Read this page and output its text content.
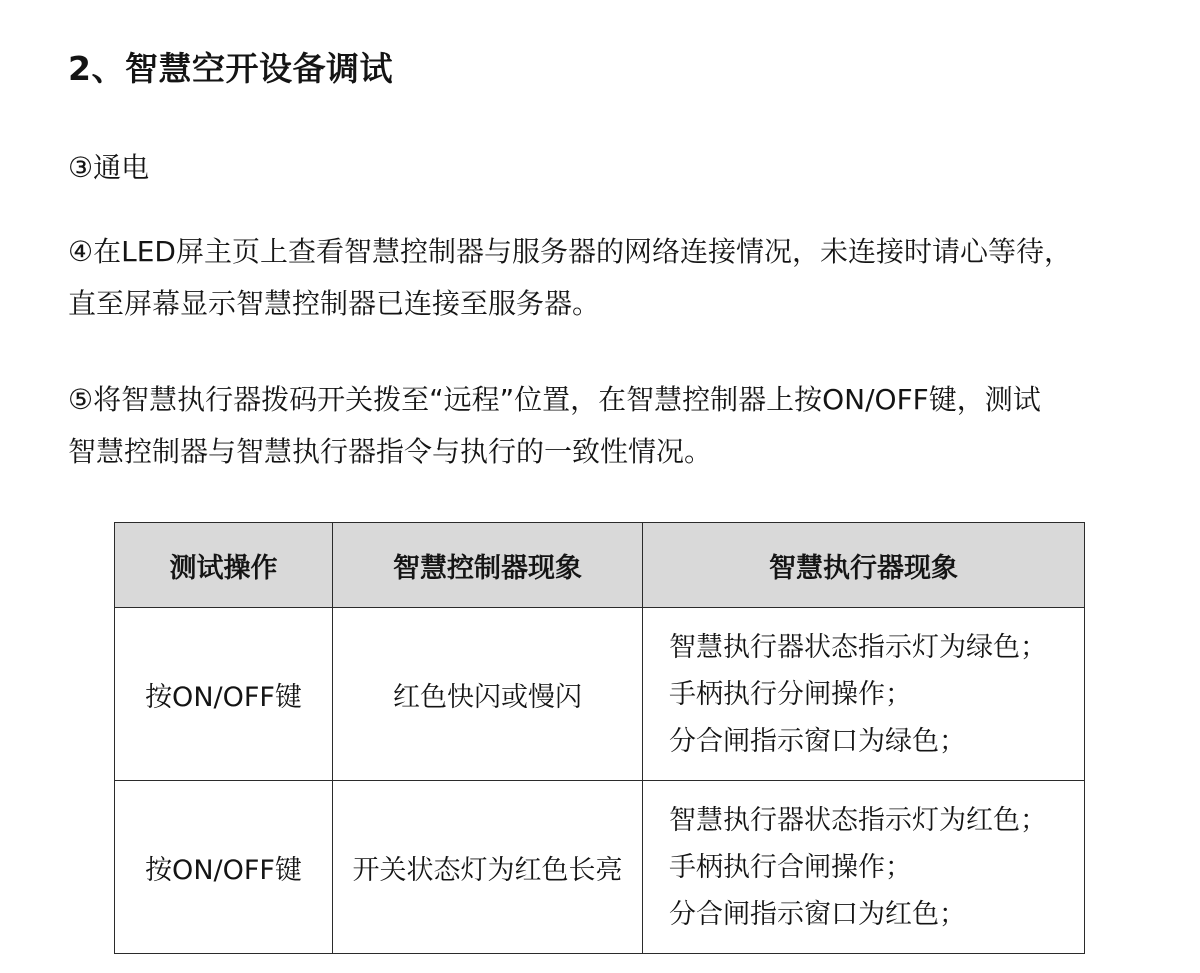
2、智慧空开设备调试
③通电
④在LED屏主页上查看智慧控制器与服务器的网络连接情况，未连接时请心等待，
直至屏幕显示智慧控制器已连接至服务器。
⑤将智慧执行器拨码开关拨至“远程”位置，在智慧控制器上按ON/OFF键，测试
智慧控制器与智慧执行器指令与执行的一致性情况。
测试操作	智慧控制器现象	智慧执行器现象
按ON/OFF键	红色快闪或慢闪	智慧执行器状态指示灯为绿色；
手柄执行分闸操作；
分合闸指示窗口为绿色；

按ON/OFF键	开关状态灯为红色长亮	智慧执行器状态指示灯为红色；
手柄执行合闸操作；
分合闸指示窗口为红色；
